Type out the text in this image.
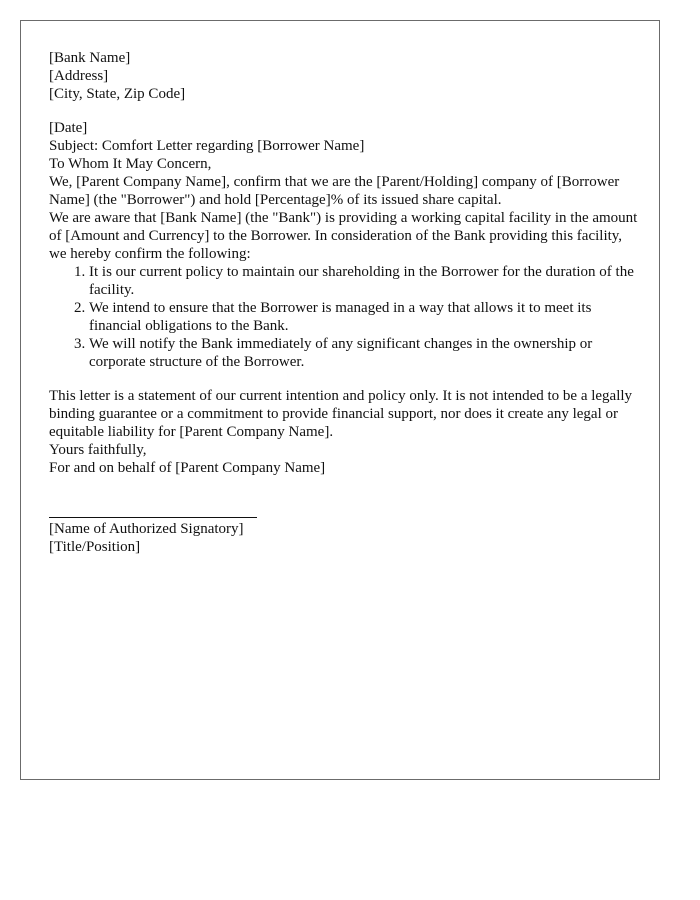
[Bank Name]
[Address]
[City, State, Zip Code]

[Date]

Subject: Comfort Letter regarding [Borrower Name]

To Whom It May Concern,

We, [Parent Company Name], confirm that we are the [Parent/Holding] company of [Borrower Name] (the "Borrower") and hold [Percentage]% of its issued share capital.

We are aware that [Bank Name] (the "Bank") is providing a working capital facility in the amount of [Amount and Currency] to the Borrower. In consideration of the Bank providing this facility, we hereby confirm the following:

1. It is our current policy to maintain our shareholding in the Borrower for the duration of the facility.
2. We intend to ensure that the Borrower is managed in a way that allows it to meet its financial obligations to the Bank.
3. We will notify the Bank immediately of any significant changes in the ownership or corporate structure of the Borrower.

This letter is a statement of our current intention and policy only. It is not intended to be a legally binding guarantee or a commitment to provide financial support, nor does it create any legal or equitable liability for [Parent Company Name].

Yours faithfully,

For and on behalf of [Parent Company Name]

[Name of Authorized Signatory]
[Title/Position]
